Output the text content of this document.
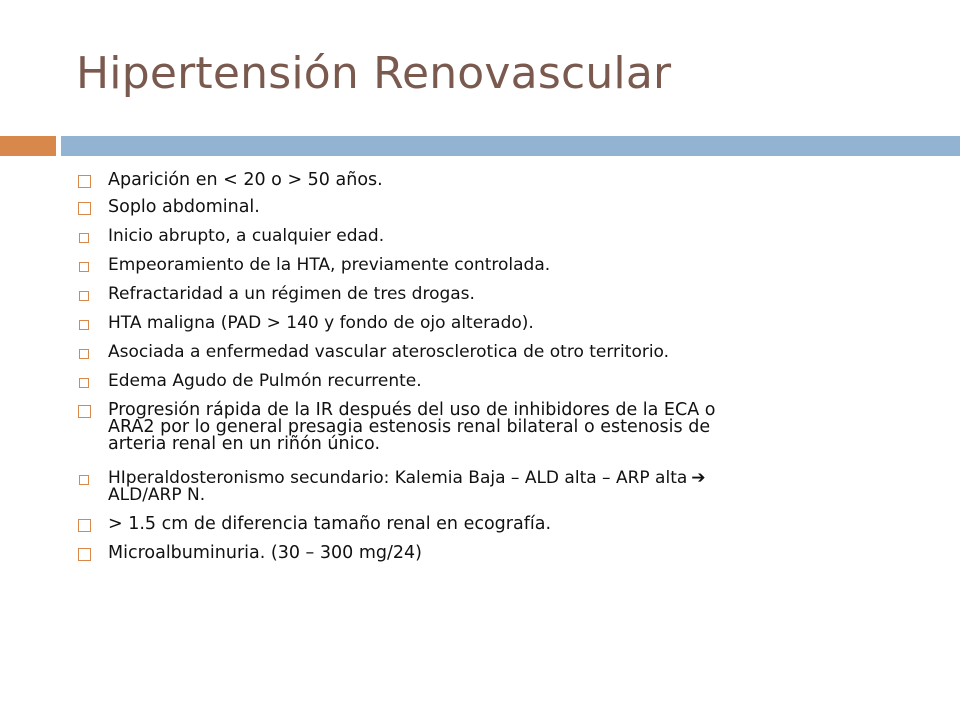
Hipertensión Renovascular
Aparición en < 20 o > 50 años.
Soplo abdominal.
Inicio abrupto, a cualquier edad.
Empeoramiento de la HTA, previamente controlada.
Refractaridad a un régimen de tres drogas.
HTA maligna (PAD > 140 y fondo de ojo alterado).
Asociada a enfermedad vascular aterosclerotica de otro territorio.
Edema Agudo de Pulmón recurrente.
Progresión rápida de la IR después del uso de inhibidores de la ECA o
ARA2 por lo general presagia estenosis renal bilateral o estenosis de
arteria renal en un riñón único.
HIperaldosteronismo secundario: Kalemia Baja – ALD alta – ARP alta ➔
ALD/ARP N.
> 1.5 cm de diferencia tamaño renal en ecografía.
Microalbuminuria. (30 – 300 mg/24)
